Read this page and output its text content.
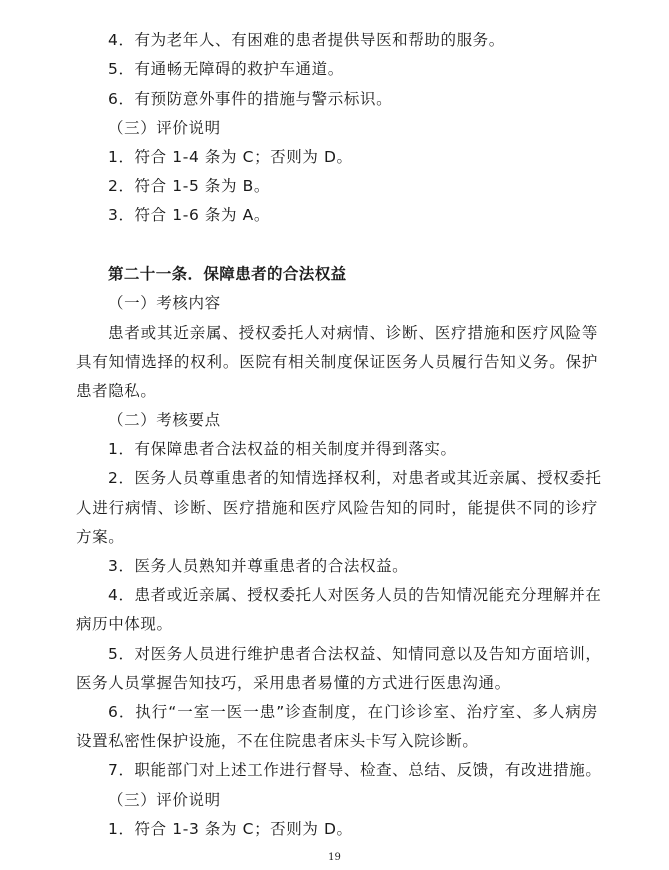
4．有为老年人、有困难的患者提供导医和帮助的服务。
5．有通畅无障碍的救护车通道。
6．有预防意外事件的措施与警示标识。
（三）评价说明
1．符合 1-4 条为 C；否则为 D。
2．符合 1-5 条为 B。
3．符合 1-6 条为 A。
第二十一条．保障患者的合法权益
（一）考核内容
患者或其近亲属、授权委托人对病情、诊断、医疗措施和医疗风险等
具有知情选择的权利。医院有相关制度保证医务人员履行告知义务。保护
患者隐私。
（二）考核要点
1．有保障患者合法权益的相关制度并得到落实。
2．医务人员尊重患者的知情选择权利，对患者或其近亲属、授权委托
人进行病情、诊断、医疗措施和医疗风险告知的同时，能提供不同的诊疗
方案。
3．医务人员熟知并尊重患者的合法权益。
4．患者或近亲属、授权委托人对医务人员的告知情况能充分理解并在
病历中体现。
5．对医务人员进行维护患者合法权益、知情同意以及告知方面培训，
医务人员掌握告知技巧，采用患者易懂的方式进行医患沟通。
6．执行“一室一医一患”诊查制度，在门诊诊室、治疗室、多人病房
设置私密性保护设施，不在住院患者床头卡写入院诊断。
7．职能部门对上述工作进行督导、检查、总结、反馈，有改进措施。
（三）评价说明
1．符合 1-3 条为 C；否则为 D。
19
